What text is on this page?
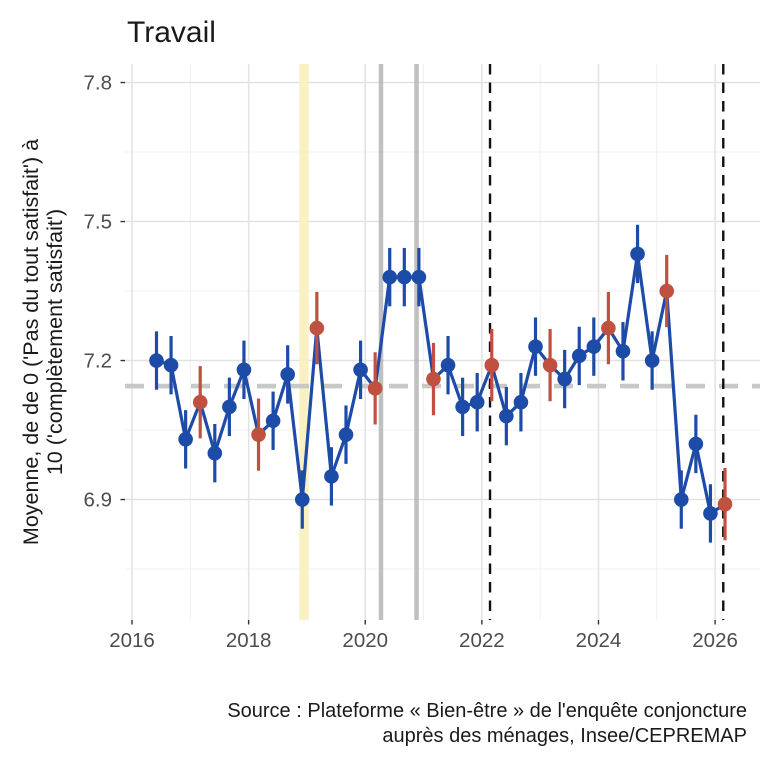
2016	2018	2020	2022	2024	2026
6.9
7.2
7.5
7.8
Travail
Moyenne, de de 0 ('Pas du tout satisfait') à 10 ('complètement satisfait')
Source : Plateforme « Bien-être » de l'enquête conjoncture
auprès des ménages, Insee/CEPREMAP
